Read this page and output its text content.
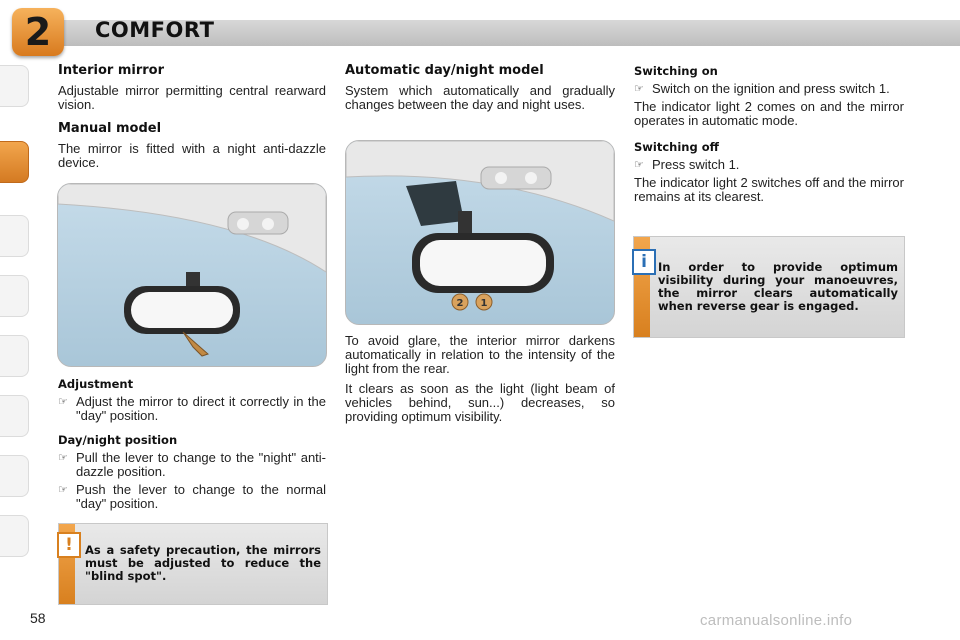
2	COMFORT
Interior mirror

Adjustable mirror permitting central rearward vision.

Manual model

The mirror is fitted with a night anti-dazzle device.

Adjustment
☞ Adjust the mirror to direct it correctly in the "day" position.
Day/night position
☞ Pull the lever to change to the "night" anti-dazzle position.
☞ Push the lever to change to the normal "day" position.
!	As a safety precaution, the mirrors must be adjusted to reduce the "blind spot".
Automatic day/night model

System which automatically and gradually changes between the day and night uses.

2 1

To avoid glare, the interior mirror darkens automatically in relation to the intensity of the light from the rear.

It clears as soon as the light (light beam of vehicles behind, sun...) decreases, so providing optimum visibility.

Switching on
☞ Switch on the ignition and press switch 1.

The indicator light 2 comes on and the mirror operates in automatic mode.

Switching off
☞ Press switch 1.

The indicator light 2 switches off and the mirror remains at its clearest.

i In order to provide optimum visibility during your manoeuvres, the mirror clears automatically when reverse gear is engaged.
58	carmanualsonline.info
